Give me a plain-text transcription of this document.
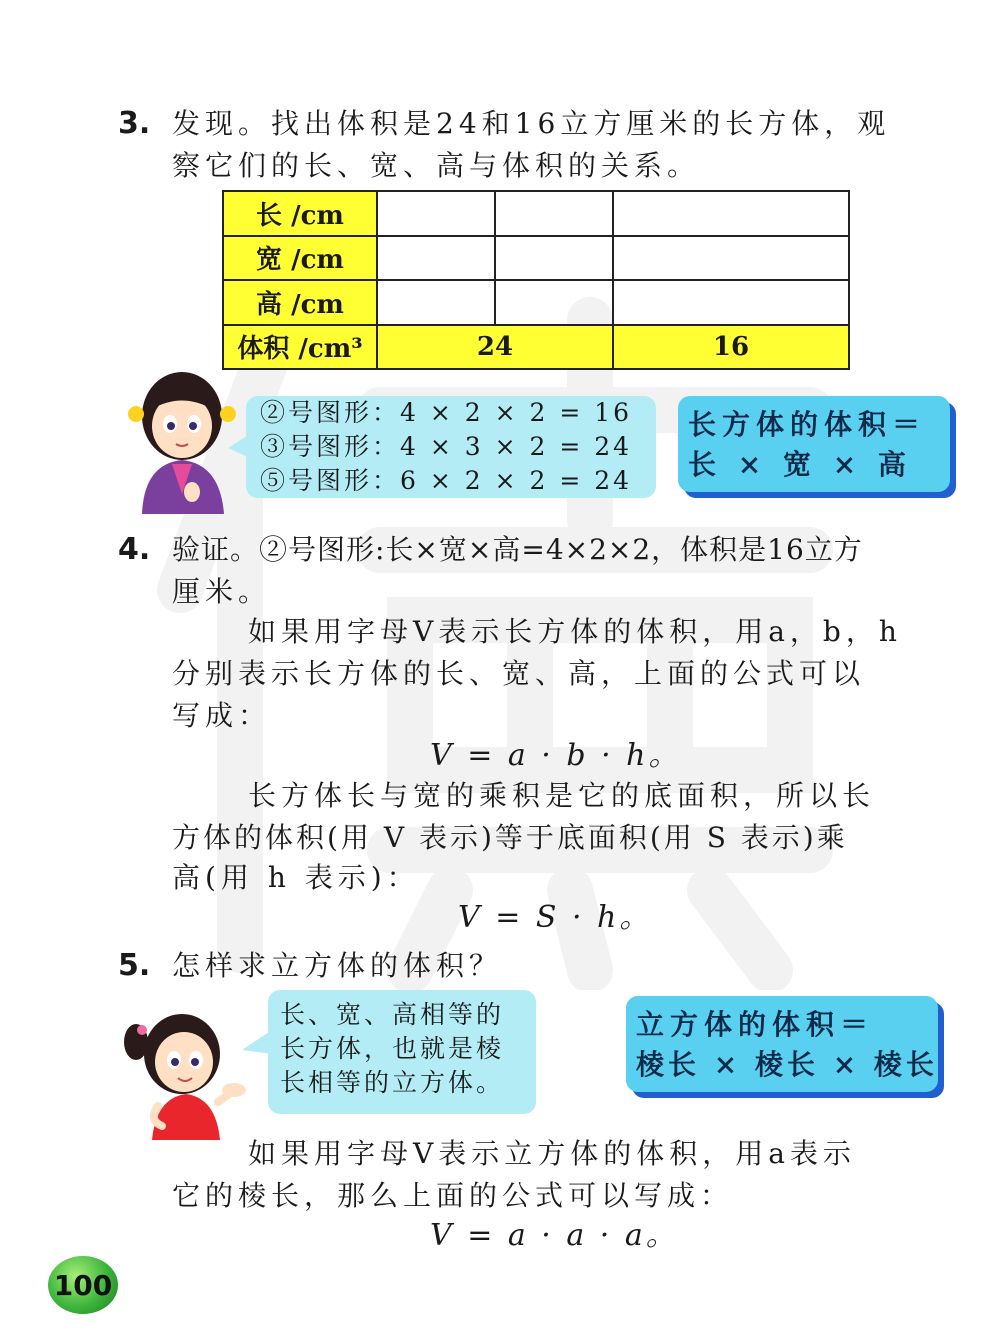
3. 发现。找出体积是24和16立方厘米的长方体，观
察它们的长、宽、高与体积的关系。
长 /cm			
宽 /cm			
高 /cm			
体积 /cm³	24		16
②号图形：4 × 2 × 2 = 16
③号图形：4 × 3 × 2 = 24
⑤号图形：6 × 2 × 2 = 24
长方体的体积＝
长 × 宽 × 高
4. 验证。②号图形:长×宽×高=4×2×2，体积是16立方
厘米。
如果用字母V表示长方体的体积，用a，b，h
分别表示长方体的长、宽、高，上面的公式可以
写成：
V = a · b · h。
长方体长与宽的乘积是它的底面积，所以长
方体的体积(用 V 表示)等于底面积(用 S 表示)乘
高(用 h 表示)：
V = S · h。
5. 怎样求立方体的体积？
长、宽、高相等的
长方体，也就是棱
长相等的立方体。
立方体的体积＝
棱长 × 棱长 × 棱长
如果用字母V表示立方体的体积，用a表示
它的棱长，那么上面的公式可以写成：
V = a · a · a。
100
